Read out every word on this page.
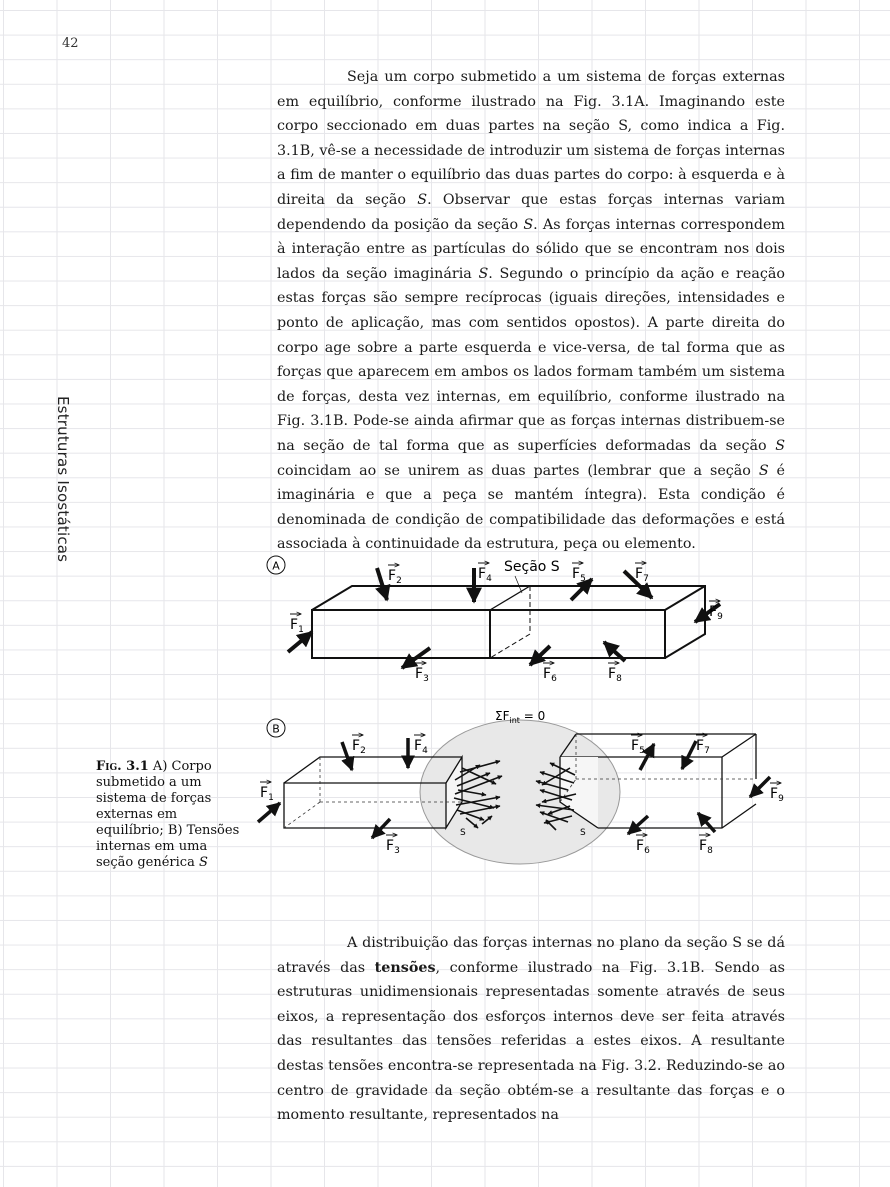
42
Estruturas Isostáticas

Seja um corpo submetido a um sistema de forças externas em equilíbrio, conforme ilustrado na Fig. 3.1A. Imaginando este corpo seccionado em duas partes na seção S, como indica a Fig. 3.1B, vê-se a necessidade de introduzir um sistema de forças internas a fim de manter o equilíbrio das duas partes do corpo: à esquerda e à direita da seção S. Observar que estas forças internas variam dependendo da posição da seção S. As forças internas correspondem à interação entre as partículas do sólido que se encontram nos dois lados da seção imaginária S. Segundo o princípio da ação e reação estas forças são sempre recíprocas (iguais direções, intensidades e ponto de aplicação, mas com sentidos opostos). A parte direita do corpo age sobre a parte esquerda e vice-versa, de tal forma que as forças que aparecem em ambos os lados formam também um sistema de forças, desta vez internas, em equilíbrio, conforme ilustrado na Fig. 3.1B. Pode-se ainda afirmar que as forças internas distribuem-se na seção de tal forma que as superfícies deformadas da seção S coincidam ao se unirem as duas partes (lembrar que a seção S é imaginária e que a peça se mantém íntegra). Esta condição é denominada de condição de compatibilidade das deformações e está associada à continuidade da estrutura, peça ou elemento.

Fig. 3.1 A) Corpo submetido a um sistema de forças externas em equilíbrio; B) Tensões internas em uma seção genérica S
A	Seção S
$F_1$
$F_2$	$F_4$	$F_5$	$F_7$
$F_9$
$F_3$	$F_6$	$F_8$
B
$\Sigma F_{int} = 0$
S	S
$F_1$
$F_2$	$F_4$	$F_5$	$F_7$
$F_9$
$F_3$	$F_6$	$F_8$

A distribuição das forças internas no plano da seção S se dá através das tensões, conforme ilustrado na Fig. 3.1B. Sendo as estruturas unidimensionais representadas somente através de seus eixos, a representação dos esforços internos deve ser feita através das resultantes das tensões referidas a estes eixos. A resultante destas tensões encontra-se representada na Fig. 3.2. Reduzindo-se ao centro de gravidade da seção obtém-se a resultante das forças e o momento resultante, representados na
